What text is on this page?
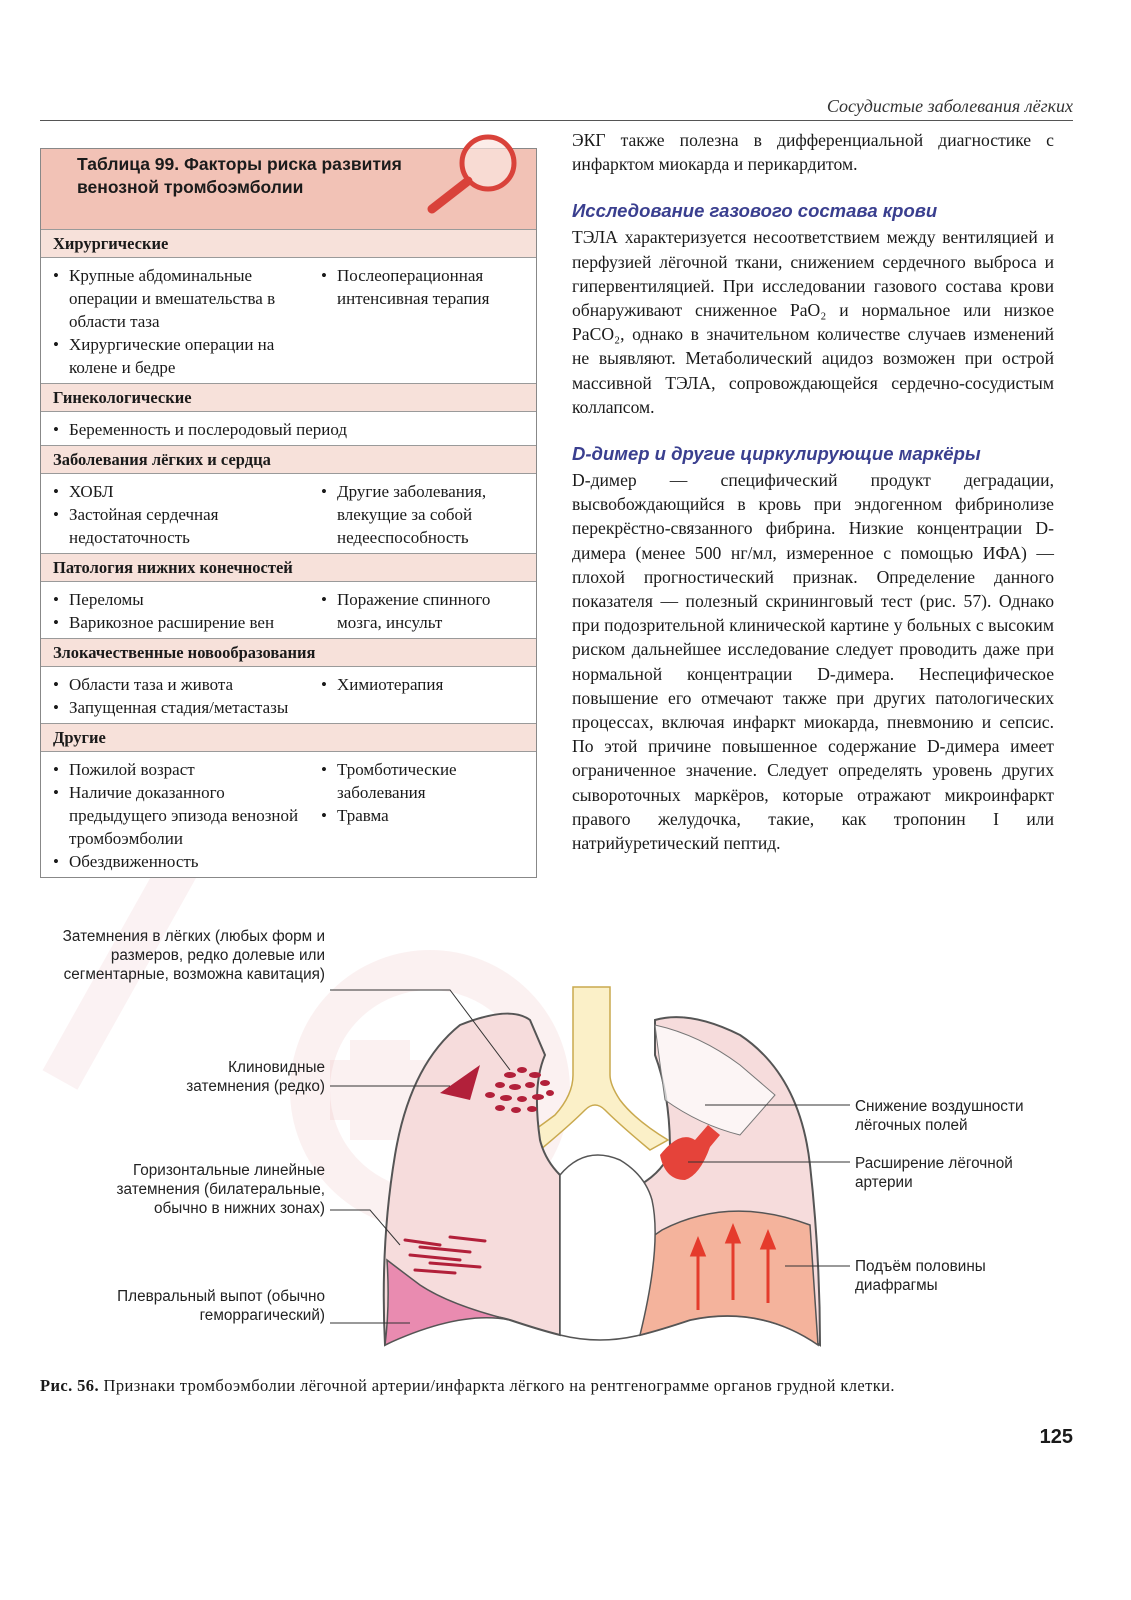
Сосудистые заболевания лёгких
Таблица 99. Факторы риска развития венозной тромбоэмболии
Хирургические
• Крупные абдоминальные операции и вмешательства в области таза
• Хирургические операции на колене и бедре
• Послеоперационная интенсивная терапия
Гинекологические
• Беременность и послеродовый период
Заболевания лёгких и сердца
• ХОБЛ
• Застойная сердечная недостаточность
• Другие заболевания, влекущие за собой недееспособность
Патология нижних конечностей
• Переломы
• Варикозное расширение вен
• Поражение спинного мозга, инсульт
Злокачественные новообразования
• Области таза и живота
• Запущенная стадия/метастазы
• Химиотерапия
Другие
• Пожилой возраст
• Наличие доказанного предыдущего эпизода венозной тромбоэмболии
• Обездвиженность
• Тромботические заболевания
• Травма

ЭКГ также полезна в дифференциальной диагностике с инфарктом миокарда и перикардитом.

Исследование газового состава крови

ТЭЛА характеризуется несоответствием между вентиляцией и перфузией лёгочной ткани, снижением сердечного выброса и гипервентиляцией. При исследовании газового состава крови обнаруживают сниженное PaO₂ и нормальное или низкое PaCO₂, однако в значительном количестве случаев изменений не выявляют. Метаболический ацидоз возможен при острой массивной ТЭЛА, сопровождающейся сердечно-сосудистым коллапсом.

D-димер и другие циркулирующие маркёры

D-димер — специфический продукт деградации, высвобождающийся в кровь при эндогенном фибринолизе перекрёстно-связанного фибрина. Низкие концентрации D-димера (менее 500 нг/мл, измеренное с помощью ИФА) — плохой прогностический признак. Определение данного показателя — полезный скрининговый тест (рис. 57). Однако при подозрительной клинической картине у больных с высоким риском дальнейшее исследование следует проводить даже при нормальной концентрации D-димера. Неспецифическое повышение его отмечают также при других патологических процессах, включая инфаркт миокарда, пневмонию и сепсис. По этой причине повышенное содержание D-димера имеет ограниченное значение. Следует определять уровень других сывороточных маркёров, которые отражают микроинфаркт правого желудочка, такие, как тропонин I или натрийуретический пептид.

Затемнения в лёгких (любых форм и размеров, редко долевые или сегментарные, возможна кавитация)
Клиновидные затемнения (редко)
Горизонтальные линейные затемнения (билатеральные, обычно в нижних зонах)
Плевральный выпот (обычно геморрагический)
Снижение воздушности лёгочных полей
Расширение лёгочной артерии
Подъём половины диафрагмы
Рис. 56. Признаки тромбоэмболии лёгочной артерии/инфаркта лёгкого на рентгенограмме органов грудной клетки.
125
